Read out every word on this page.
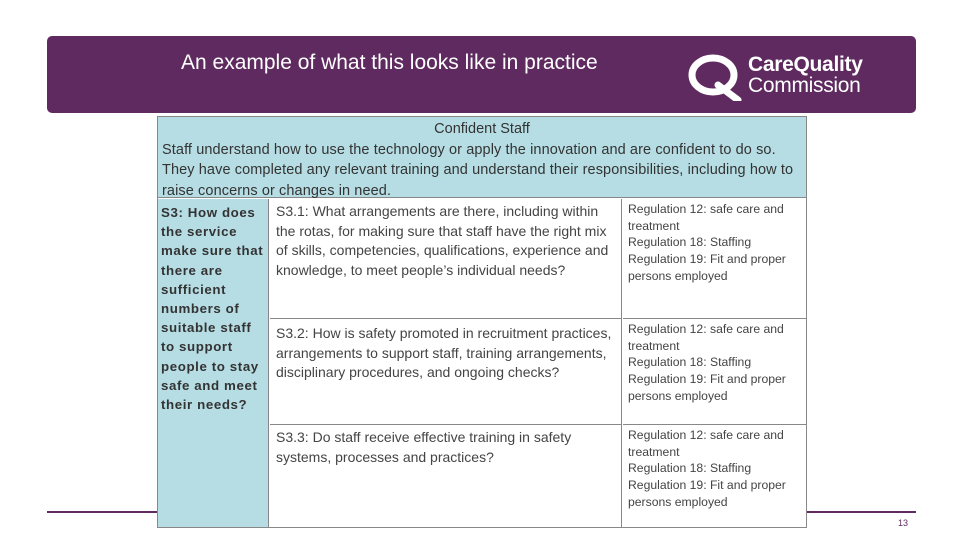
An example of what this looks like in practice	CareQuality
Commission
13
Confident Staff
Staff understand how to use the technology or apply the innovation and are confident to do so. They have completed any relevant training and understand their responsibilities, including how to raise concerns or changes in need.
S3: How does the service make sure that there are sufficient numbers of suitable staff to support people to stay safe and meet their needs?
S3.1: What arrangements are there, including within the rotas, for making sure that staff have the right mix of skills, competencies, qualifications, experience and knowledge, to meet people’s individual needs?
Regulation 12: safe care and
treatment
Regulation 18: Staffing
Regulation 19: Fit and proper
persons employed
S3.2: How is safety promoted in recruitment practices, arrangements to support staff, training arrangements, disciplinary procedures, and ongoing checks?
Regulation 12: safe care and
treatment
Regulation 18: Staffing
Regulation 19: Fit and proper
persons employed
S3.3: Do staff receive effective training in safety systems, processes and practices?
Regulation 12: safe care and
treatment
Regulation 18: Staffing
Regulation 19: Fit and proper
persons employed
